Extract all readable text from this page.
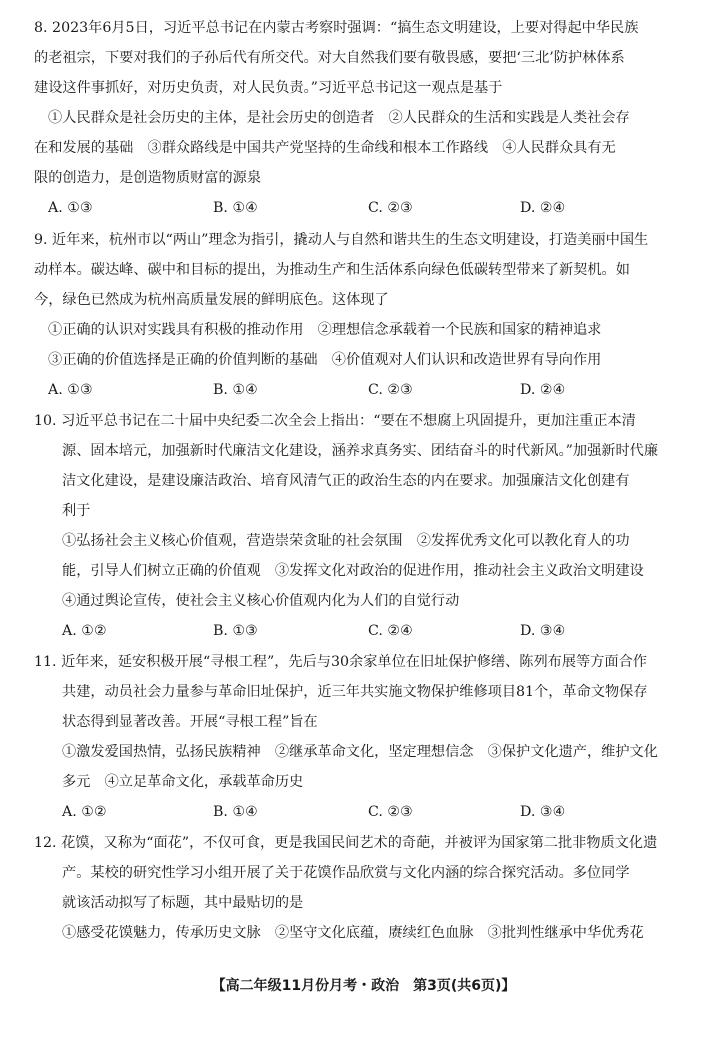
8. 2023年6月5日，习近平总书记在内蒙古考察时强调：“搞生态文明建设，上要对得起中华民族
的老祖宗，下要对我们的子孙后代有所交代。对大自然我们要有敬畏感，要把‘三北’防护林体系
建设这件事抓好，对历史负责，对人民负责。”习近平总书记这一观点是基于
①人民群众是社会历史的主体，是社会历史的创造者　②人民群众的生活和实践是人类社会存
在和发展的基础　③群众路线是中国共产党坚持的生命线和根本工作路线　④人民群众具有无
限的创造力，是创造物质财富的源泉
A. ①③	B. ①④	C. ②③	D. ②④
9. 近年来，杭州市以“两山”理念为指引，撬动人与自然和谐共生的生态文明建设，打造美丽中国生
动样本。碳达峰、碳中和目标的提出，为推动生产和生活体系向绿色低碳转型带来了新契机。如
今，绿色已然成为杭州高质量发展的鲜明底色。这体现了
①正确的认识对实践具有积极的推动作用　②理想信念承载着一个民族和国家的精神追求
③正确的价值选择是正确的价值判断的基础　④价值观对人们认识和改造世界有导向作用
A. ①③	B. ①④	C. ②③	D. ②④
10. 习近平总书记在二十届中央纪委二次全会上指出：“要在不想腐上巩固提升，更加注重正本清
源、固本培元，加强新时代廉洁文化建设，涵养求真务实、团结奋斗的时代新风。”加强新时代廉
洁文化建设，是建设廉洁政治、培育风清气正的政治生态的内在要求。加强廉洁文化创建有
利于
①弘扬社会主义核心价值观，营造崇荣贪耻的社会氛围　②发挥优秀文化可以教化育人的功
能，引导人们树立正确的价值观　③发挥文化对政治的促进作用，推动社会主义政治文明建设
④通过舆论宣传，使社会主义核心价值观内化为人们的自觉行动
A. ①②	B. ①③	C. ②④	D. ③④
11. 近年来，延安积极开展“寻根工程”，先后与30余家单位在旧址保护修缮、陈列布展等方面合作
共建，动员社会力量参与革命旧址保护，近三年共实施文物保护维修项目81个，革命文物保存
状态得到显著改善。开展“寻根工程”旨在
①激发爱国热情，弘扬民族精神　②继承革命文化，坚定理想信念　③保护文化遗产，维护文化
多元　④立足革命文化，承载革命历史
A. ①②	B. ①④	C. ②③	D. ③④
12. 花馍，又称为“面花”，不仅可食，更是我国民间艺术的奇葩，并被评为国家第二批非物质文化遗
产。某校的研究性学习小组开展了关于花馍作品欣赏与文化内涵的综合探究活动。多位同学
就该活动拟写了标题，其中最贴切的是
①感受花馍魅力，传承历史文脉　②坚守文化底蕴，赓续红色血脉　③批判性继承中华优秀花
【高二年级11月份月考・政治　第3页(共6页)】
